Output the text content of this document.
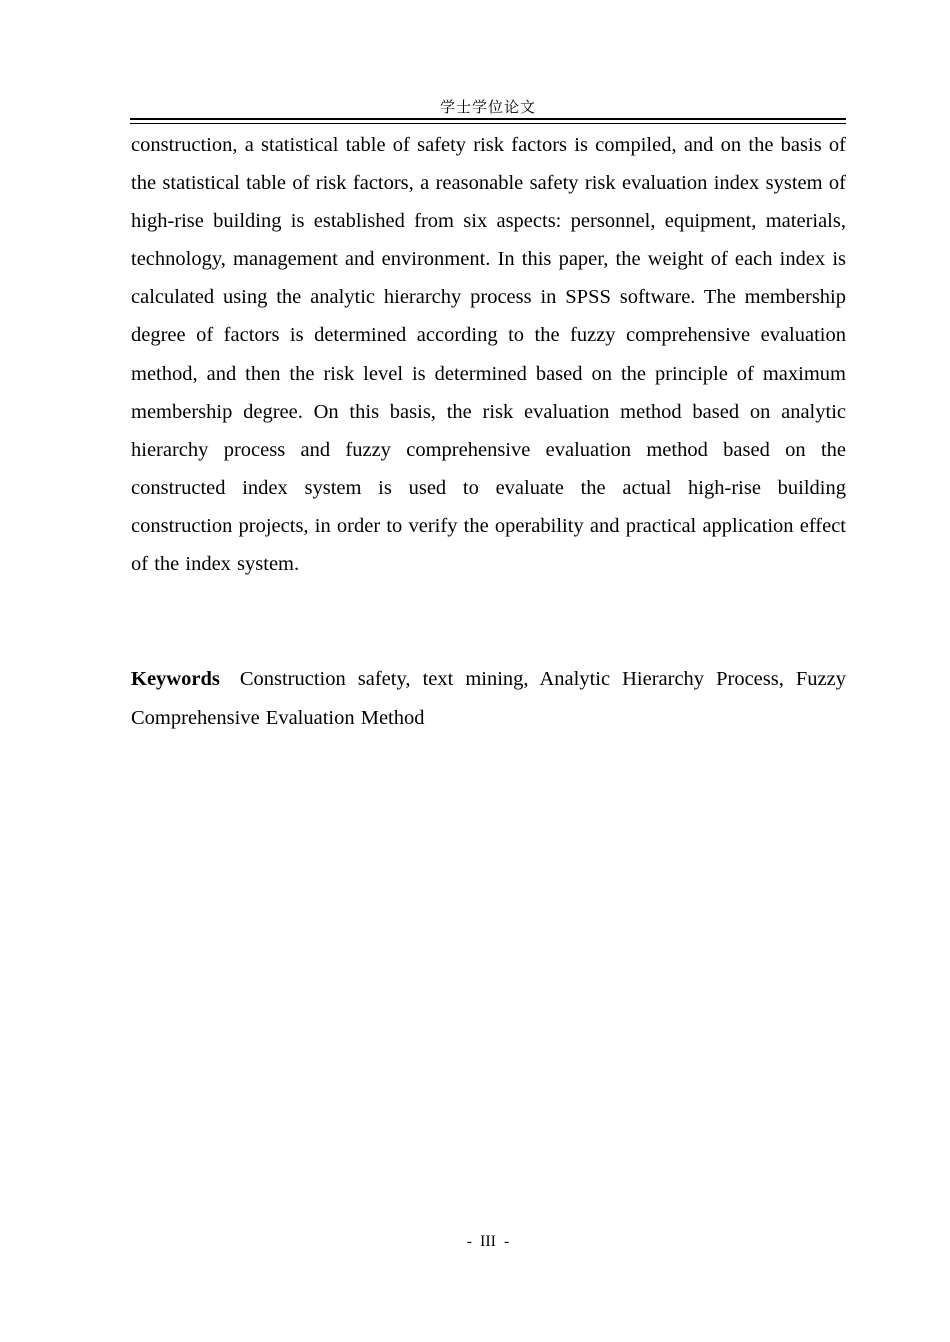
学士学位论文

construction, a statistical table of safety risk factors is compiled, and on the basis of the statistical table of risk factors, a reasonable safety risk evaluation index system of high-rise building is established from six aspects: personnel, equipment, materials, technology, management and environment. In this paper, the weight of each index is calculated using the analytic hierarchy process in SPSS software. The membership degree of factors is determined according to the fuzzy comprehensive evaluation method, and then the risk level is determined based on the principle of maximum membership degree. On this basis, the risk evaluation method based on analytic hierarchy process and fuzzy comprehensive evaluation method based on the constructed index system is used to evaluate the actual high-rise building construction projects, in order to verify the operability and practical application effect of the index system.

Keywords Construction safety, text mining, Analytic Hierarchy Process, Fuzzy Comprehensive Evaluation Method

- III -
